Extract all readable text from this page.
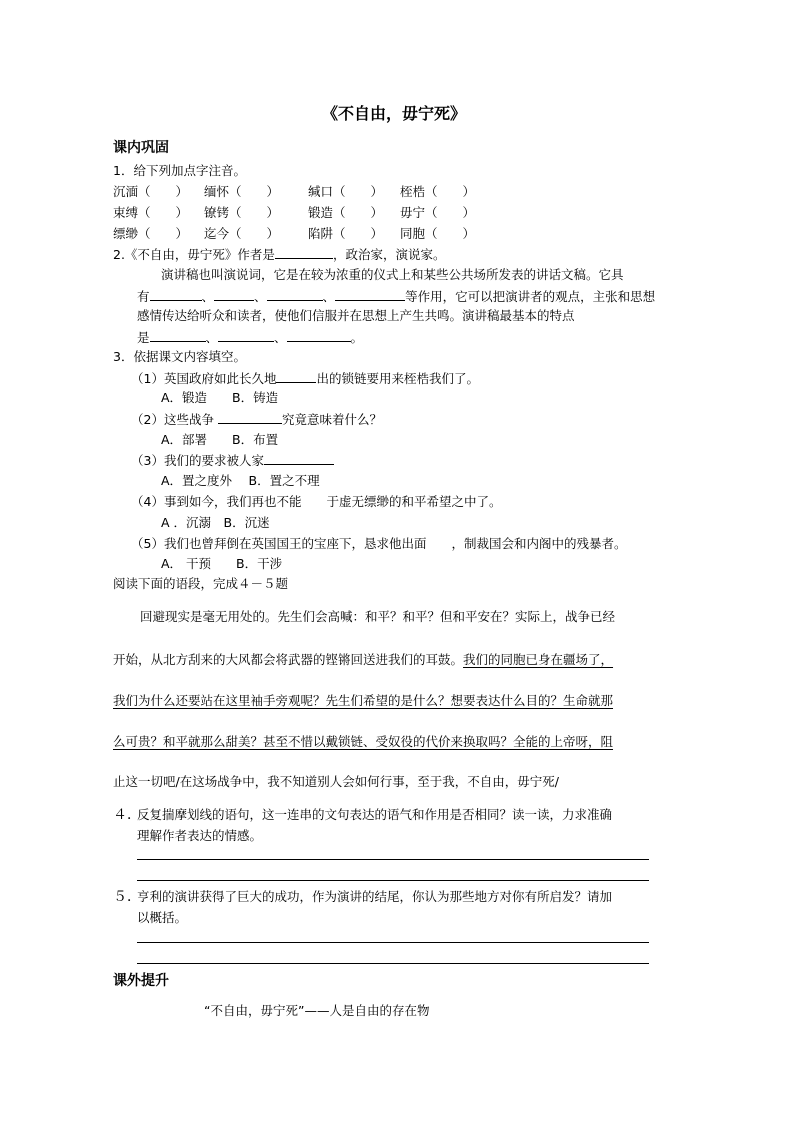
《不自由，毋宁死》
课内巩固
1．给下列加点字注音。
沉湎（　　） 缅怀（　　） 缄口（　　） 桎梏（　　）
束缚（　　） 镣铐（　　） 锻造（　　） 毋宁（　　）
缥缈（　　） 迄今（　　） 陷阱（　　） 同胞（　　）
2.《不自由，毋宁死》作者是	，政治家，演说家。
演讲稿也叫演说词，它是在较为浓重的仪式上和某些公共场所发表的讲话文稿。它具
有	、	、	、	等作用，它可以把演讲者的观点，主张和思想
感情传达给听众和读者，使他们信服并在思想上产生共鸣。演讲稿最基本的特点
是	、	、	。
3．依据课文内容填空。
（1）英国政府如此长久地	出的锁链要用来桎梏我们了。
A．锻造　　B．铸造
（2）这些战争	究竟意味着什么？
A．部署　　B．布置
（3）我们的要求被人家
A．置之度外　 B．置之不理
（4）事到如今，我们再也不能　　于虚无缥缈的和平希望之中了。
A ．沉溺　B．沉迷
（5）我们也曾拜倒在英国国王的宝座下，恳求他出面　　，制裁国会和内阁中的残暴者。
A． 干预　　B．干涉
阅读下面的语段，完成４－５题
回避现实是毫无用处的。先生们会高喊：和平？和平？但和平安在？实际上，战争已经
开始，从北方刮来的大风都会将武器的铿锵回送进我们的耳鼓。我们的同胞已身在疆场了，
我们为什么还要站在这里袖手旁观呢？先生们希望的是什么？想要表达什么目的？生命就那
么可贵？和平就那么甜美？甚至不惜以戴锁链、受奴役的代价来换取吗？全能的上帝呀，阻
止这一切吧/在这场战争中，我不知道别人会如何行事，至于我，不自由，毋宁死/
４．
反复揣摩划线的语句，这一连串的文句表达的语气和作用是否相同？读一读，力求准确
理解作者表达的情感。
５．
亨利的演讲获得了巨大的成功，作为演讲的结尾，你认为那些地方对你有所启发？请加
以概括。
课外提升
“不自由，毋宁死”——人是自由的存在物
